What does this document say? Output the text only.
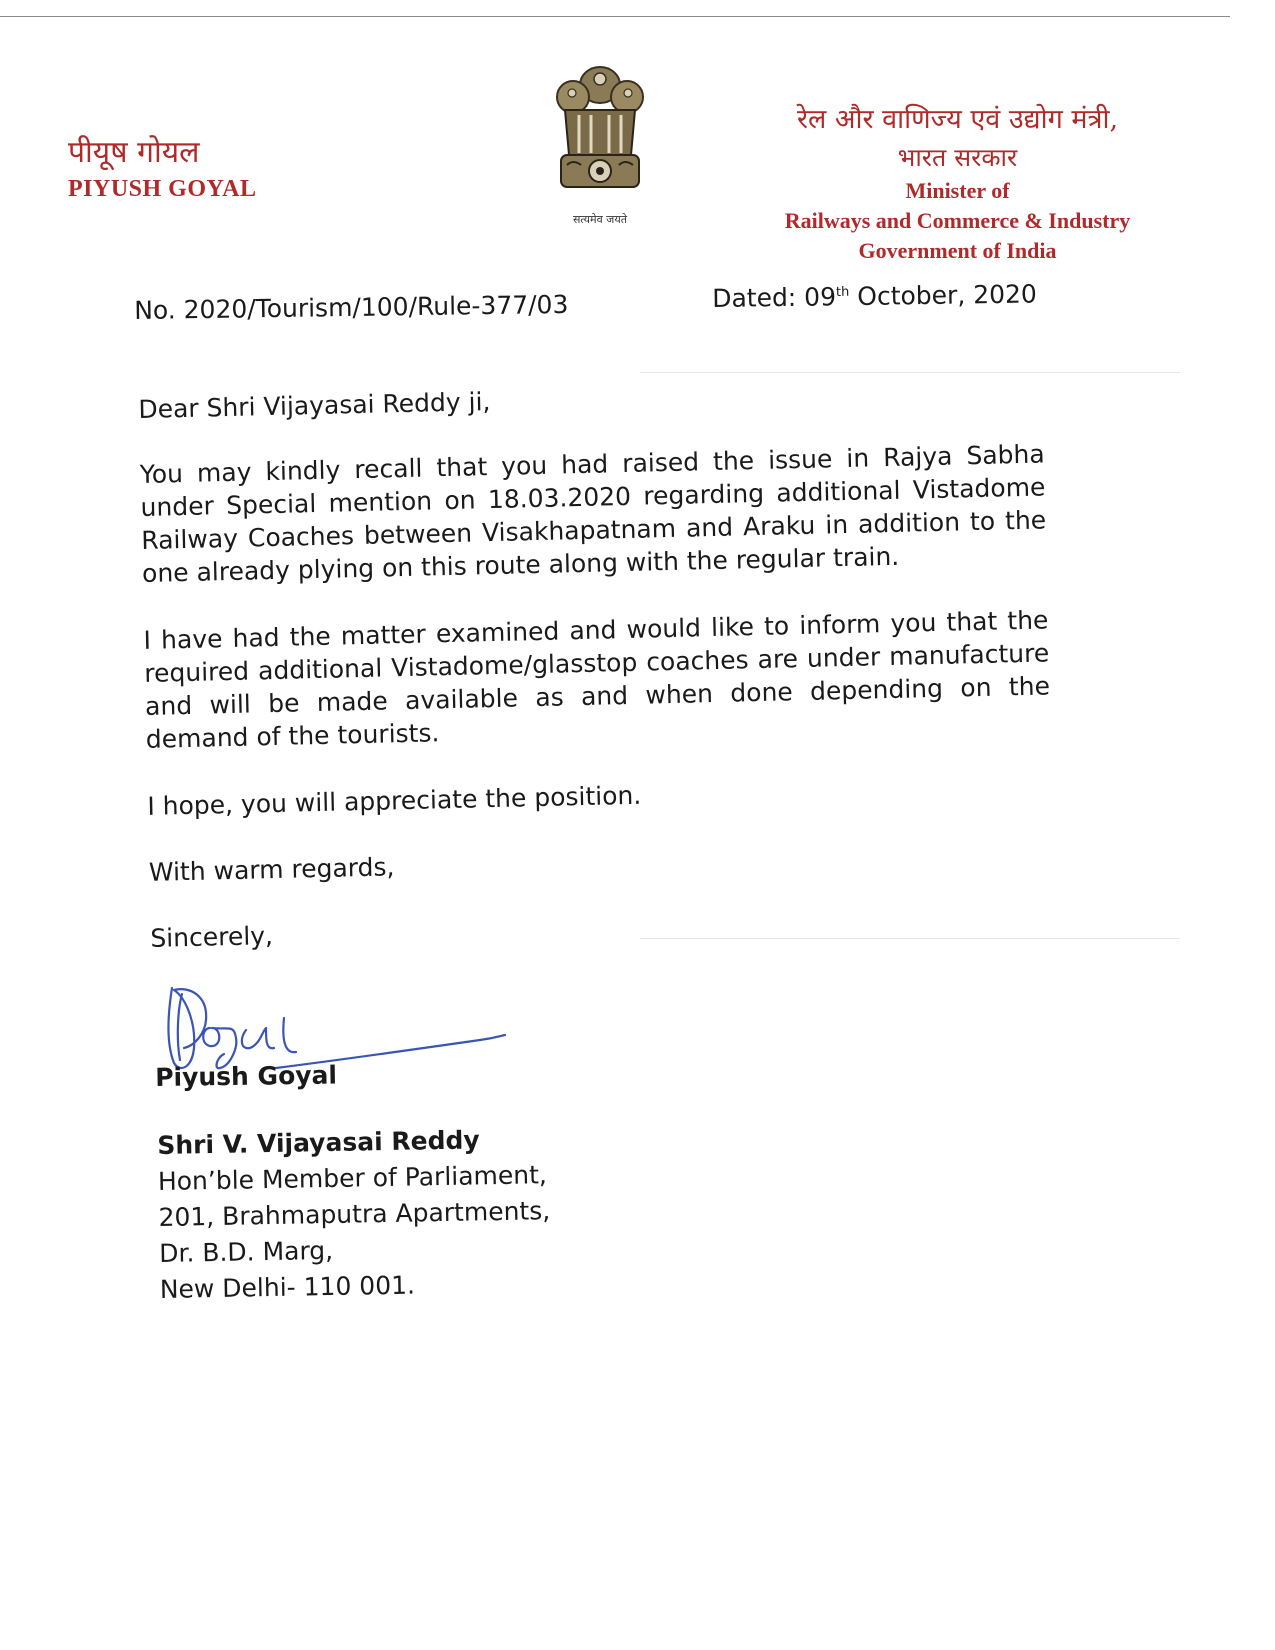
पीयूष गोयल
PIYUSH GOYAL
सत्यमेव जयते
रेल और वाणिज्य एवं उद्योग मंत्री,
भारत सरकार
Minister of
Railways and Commerce & Industry
Government of India
No. 2020/Tourism/100/Rule-377/03	Dated: 09th October, 2020

Dear Shri Vijayasai Reddy ji,

You may kindly recall that you had raised the issue in Rajya Sabha under Special mention on 18.03.2020 regarding additional Vistadome Railway Coaches between Visakhapatnam and Araku in addition to the one already plying on this route along with the regular train.

I have had the matter examined and would like to inform you that the required additional Vistadome/glasstop coaches are under manufacture and will be made available as and when done depending on the demand of the tourists.

I hope, you will appreciate the position.

With warm regards,

Sincerely,

Piyush Goyal
Shri V. Vijayasai Reddy
Hon’ble Member of Parliament,
201, Brahmaputra Apartments,
Dr. B.D. Marg,
New Delhi- 110 001.
